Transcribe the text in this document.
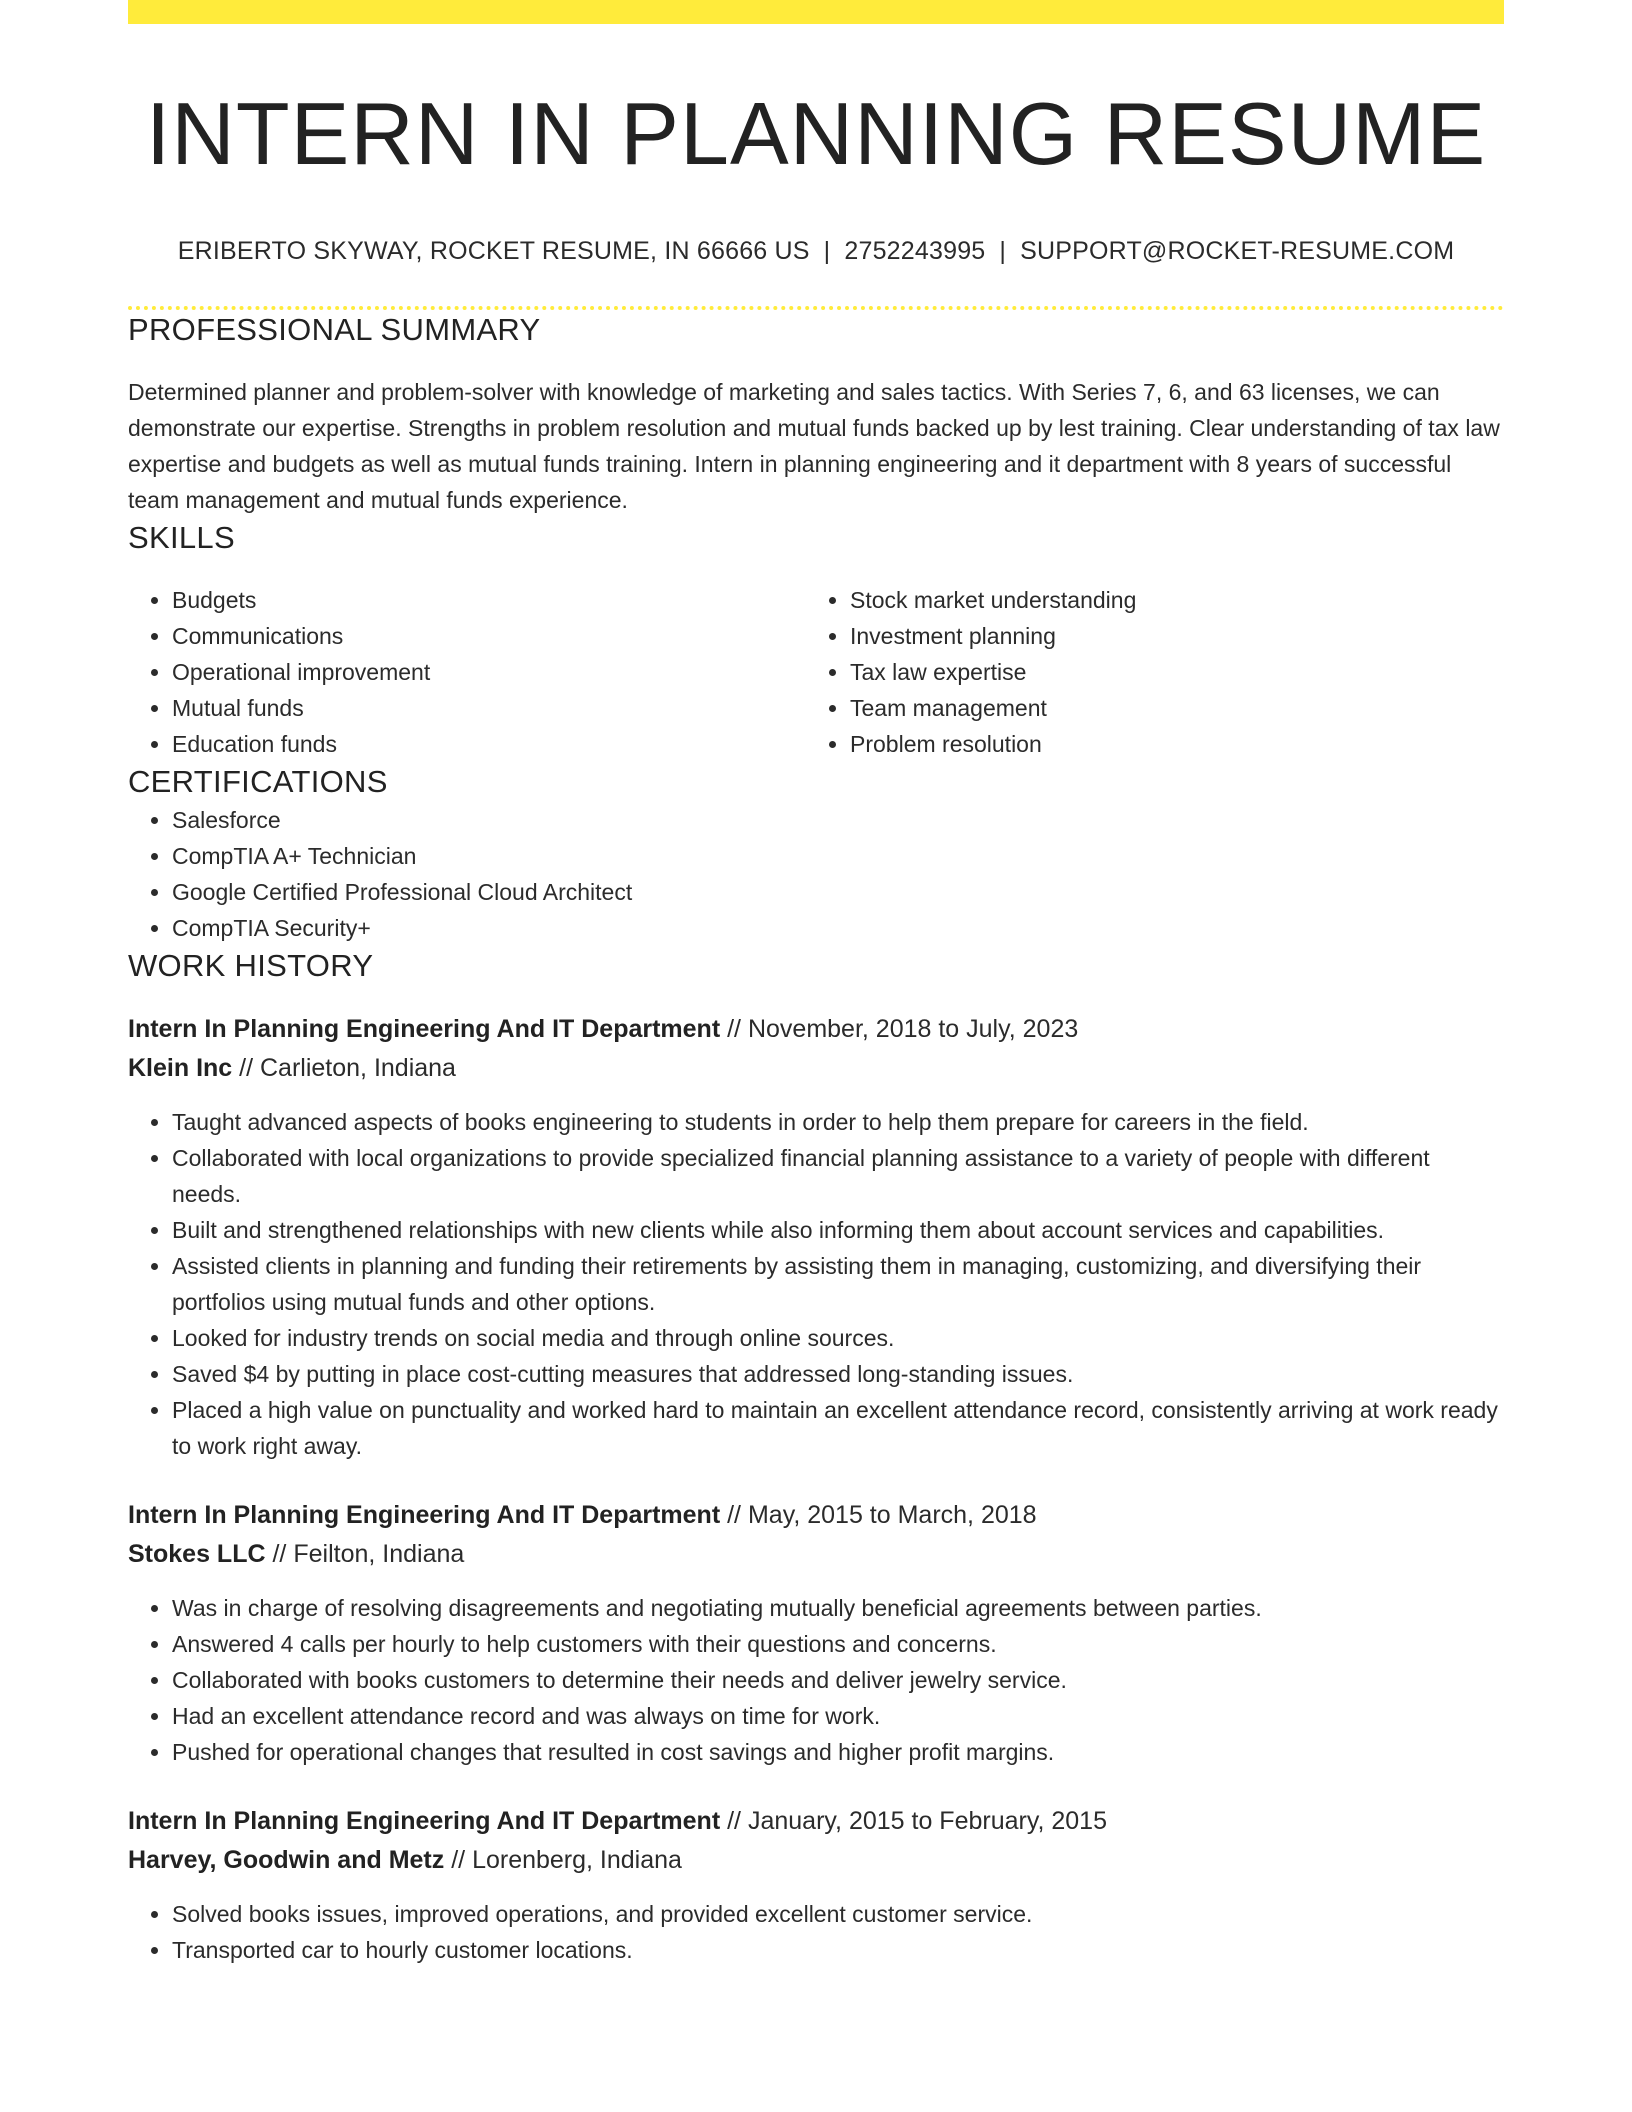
INTERN IN PLANNING RESUME
ERIBERTO SKYWAY, ROCKET RESUME, IN 66666 US | 2752243995 | SUPPORT@ROCKET-RESUME.COM
PROFESSIONAL SUMMARY

Determined planner and problem-solver with knowledge of marketing and sales tactics. With Series 7, 6, and 63 licenses, we can demonstrate our expertise. Strengths in problem resolution and mutual funds backed up by lest training. Clear understanding of tax law expertise and budgets as well as mutual funds training. Intern in planning engineering and it department with 8 years of successful team management and mutual funds experience.

SKILLS
• Budgets
• Communications
• Operational improvement
• Mutual funds
• Education funds
• Stock market understanding
• Investment planning
• Tax law expertise
• Team management
• Problem resolution
CERTIFICATIONS
• Salesforce
• CompTIA A+ Technician
• Google Certified Professional Cloud Architect
• CompTIA Security+
WORK HISTORY
Intern In Planning Engineering And IT Department // November, 2018 to July, 2023
Klein Inc // Carlieton, Indiana
• Taught advanced aspects of books engineering to students in order to help them prepare for careers in the field.
• Collaborated with local organizations to provide specialized financial planning assistance to a variety of people with different needs.
• Built and strengthened relationships with new clients while also informing them about account services and capabilities.
• Assisted clients in planning and funding their retirements by assisting them in managing, customizing, and diversifying their portfolios using mutual funds and other options.
• Looked for industry trends on social media and through online sources.
• Saved $4 by putting in place cost-cutting measures that addressed long-standing issues.
• Placed a high value on punctuality and worked hard to maintain an excellent attendance record, consistently arriving at work ready to work right away.
Intern In Planning Engineering And IT Department // May, 2015 to March, 2018
Stokes LLC // Feilton, Indiana
• Was in charge of resolving disagreements and negotiating mutually beneficial agreements between parties.
• Answered 4 calls per hourly to help customers with their questions and concerns.
• Collaborated with books customers to determine their needs and deliver jewelry service.
• Had an excellent attendance record and was always on time for work.
• Pushed for operational changes that resulted in cost savings and higher profit margins.
Intern In Planning Engineering And IT Department // January, 2015 to February, 2015
Harvey, Goodwin and Metz // Lorenberg, Indiana
• Solved books issues, improved operations, and provided excellent customer service.
• Transported car to hourly customer locations.
